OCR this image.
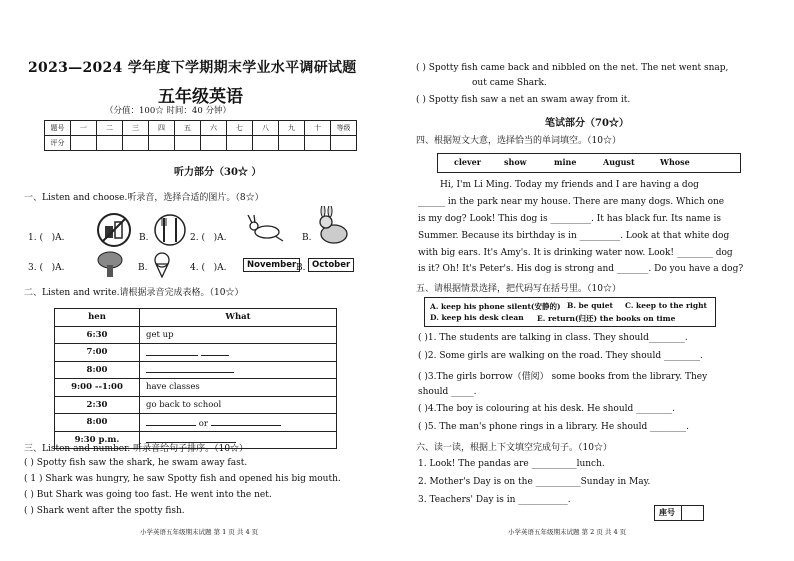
2023—2024 学年度下学期期末学业水平调研试题
五年级英语
（分值：100☆ 时间：40 分钟）
题号	一	二	三	四	五	六	七	八	九	十	等级
评分											
听力部分（30☆ ）
一、Listen and choose.听录音，选择合适的图片。（8☆）
1. ( )A.	B.	2. ( )A.	B.
3. ( )A.	B.	4. ( )A.	November B. October
二、Listen and write.请根据录音完成表格。（10☆）
hen	What
6:30	get up
7:00	
8:00	
9:00 --1:00	have classes
2:30	go back to school
8:00	or
9:30 p.m.	
三、Listen and number. 听录音给句子排序。（10☆）
( ) Spotty fish saw the shark, he swam away fast.
( 1 ) Shark was hungry, he saw Spotty fish and opened his big mouth.
( ) But Shark was going too fast. He went into the net.
( ) Shark went after the spotty fish.
小学英语五年级期末试题 第 1 页 共 4 页
( ) Spotty fish came back and nibbled on the net. The net went snap,
out came Shark.
( ) Spotty fish saw a net an swam away from it.
笔试部分（70☆）
四、根据短文大意，选择恰当的单词填空。（10☆）
clever	show	mine	August	Whose
Hi, I'm Li Ming. Today my friends and I are having a dog
______ in the park near my house. There are many dogs. Which one
is my dog? Look! This dog is _________. It has black fur. Its name is
Summer. Because its birthday is in _________. Look at that white dog
with big ears. It's Amy's. It is drinking water now. Look! ________ dog
is it? Oh! It's Peter's. His dog is strong and _______. Do you have a dog?
五、请根据情景选择，把代码写在括号里。（10☆）
A. keep his phone silent(安静的) B. be quiet C. keep to the right
D. keep his desk clean E. return(归还) the books on time
( )1. The students are talking in class. They should________.
( )2. Some girls are walking on the road. They should ________.
( )3.The girls borrow（借阅） some books from the library. They
should _____.
( )4.The boy is colouring at his desk. He should ________.
( )5. The man's phone rings in a library. He should ________.
六、读一读，根据上下文填空完成句子。（10☆）
1. Look! The pandas are __________lunch.
2. Mother's Day is on the __________Sunday in May.
3. Teachers' Day is in ___________.
座号
小学英语五年级期末试题 第 2 页 共 4 页
